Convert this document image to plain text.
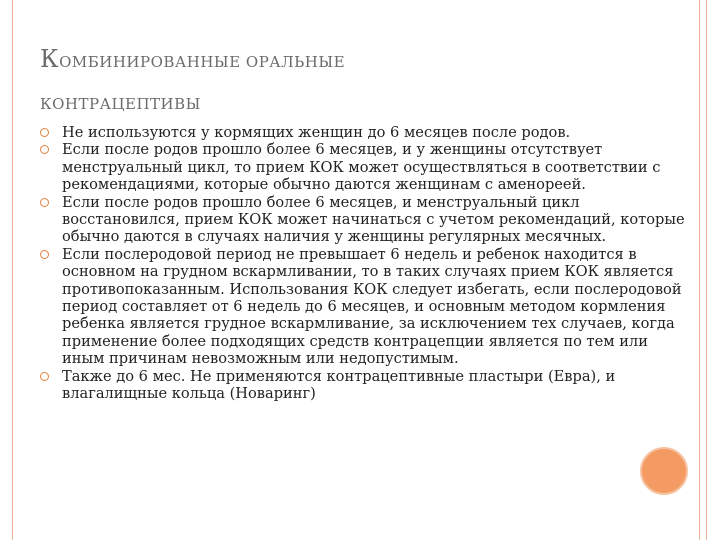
КОМБИНИРОВАННЫЕ ОРАЛЬНЫЕ
КОНТРАЦЕПТИВЫ
Не используются у кормящих женщин до 6 месяцев после родов.
Если после родов прошло более 6 месяцев, и у женщины отсутствует менструальный цикл, то прием КОК может осуществляться в соответствии с рекомендациями, которые обычно даются женщинам с аменореей.
Если после родов прошло более 6 месяцев, и менструальный цикл восстановился, прием КОК может начинаться с учетом рекомендаций, которые обычно даются в случаях наличия у женщины регулярных месячных.
Если послеродовой период не превышает 6 недель и ребенок находится в основном на грудном вскармливании, то в таких случаях прием КОК является противопоказанным. Использования КОК следует избегать, если послеродовой период составляет от 6 недель до 6 месяцев, и основным методом кормления ребенка является грудное вскармливание, за исключением тех случаев, когда применение более подходящих средств контрацепции является по тем или иным причинам невозможным или недопустимым.
Также до 6 мес. Не применяются контрацептивные пластыри (Евра), и влагалищные кольца (Новаринг)
